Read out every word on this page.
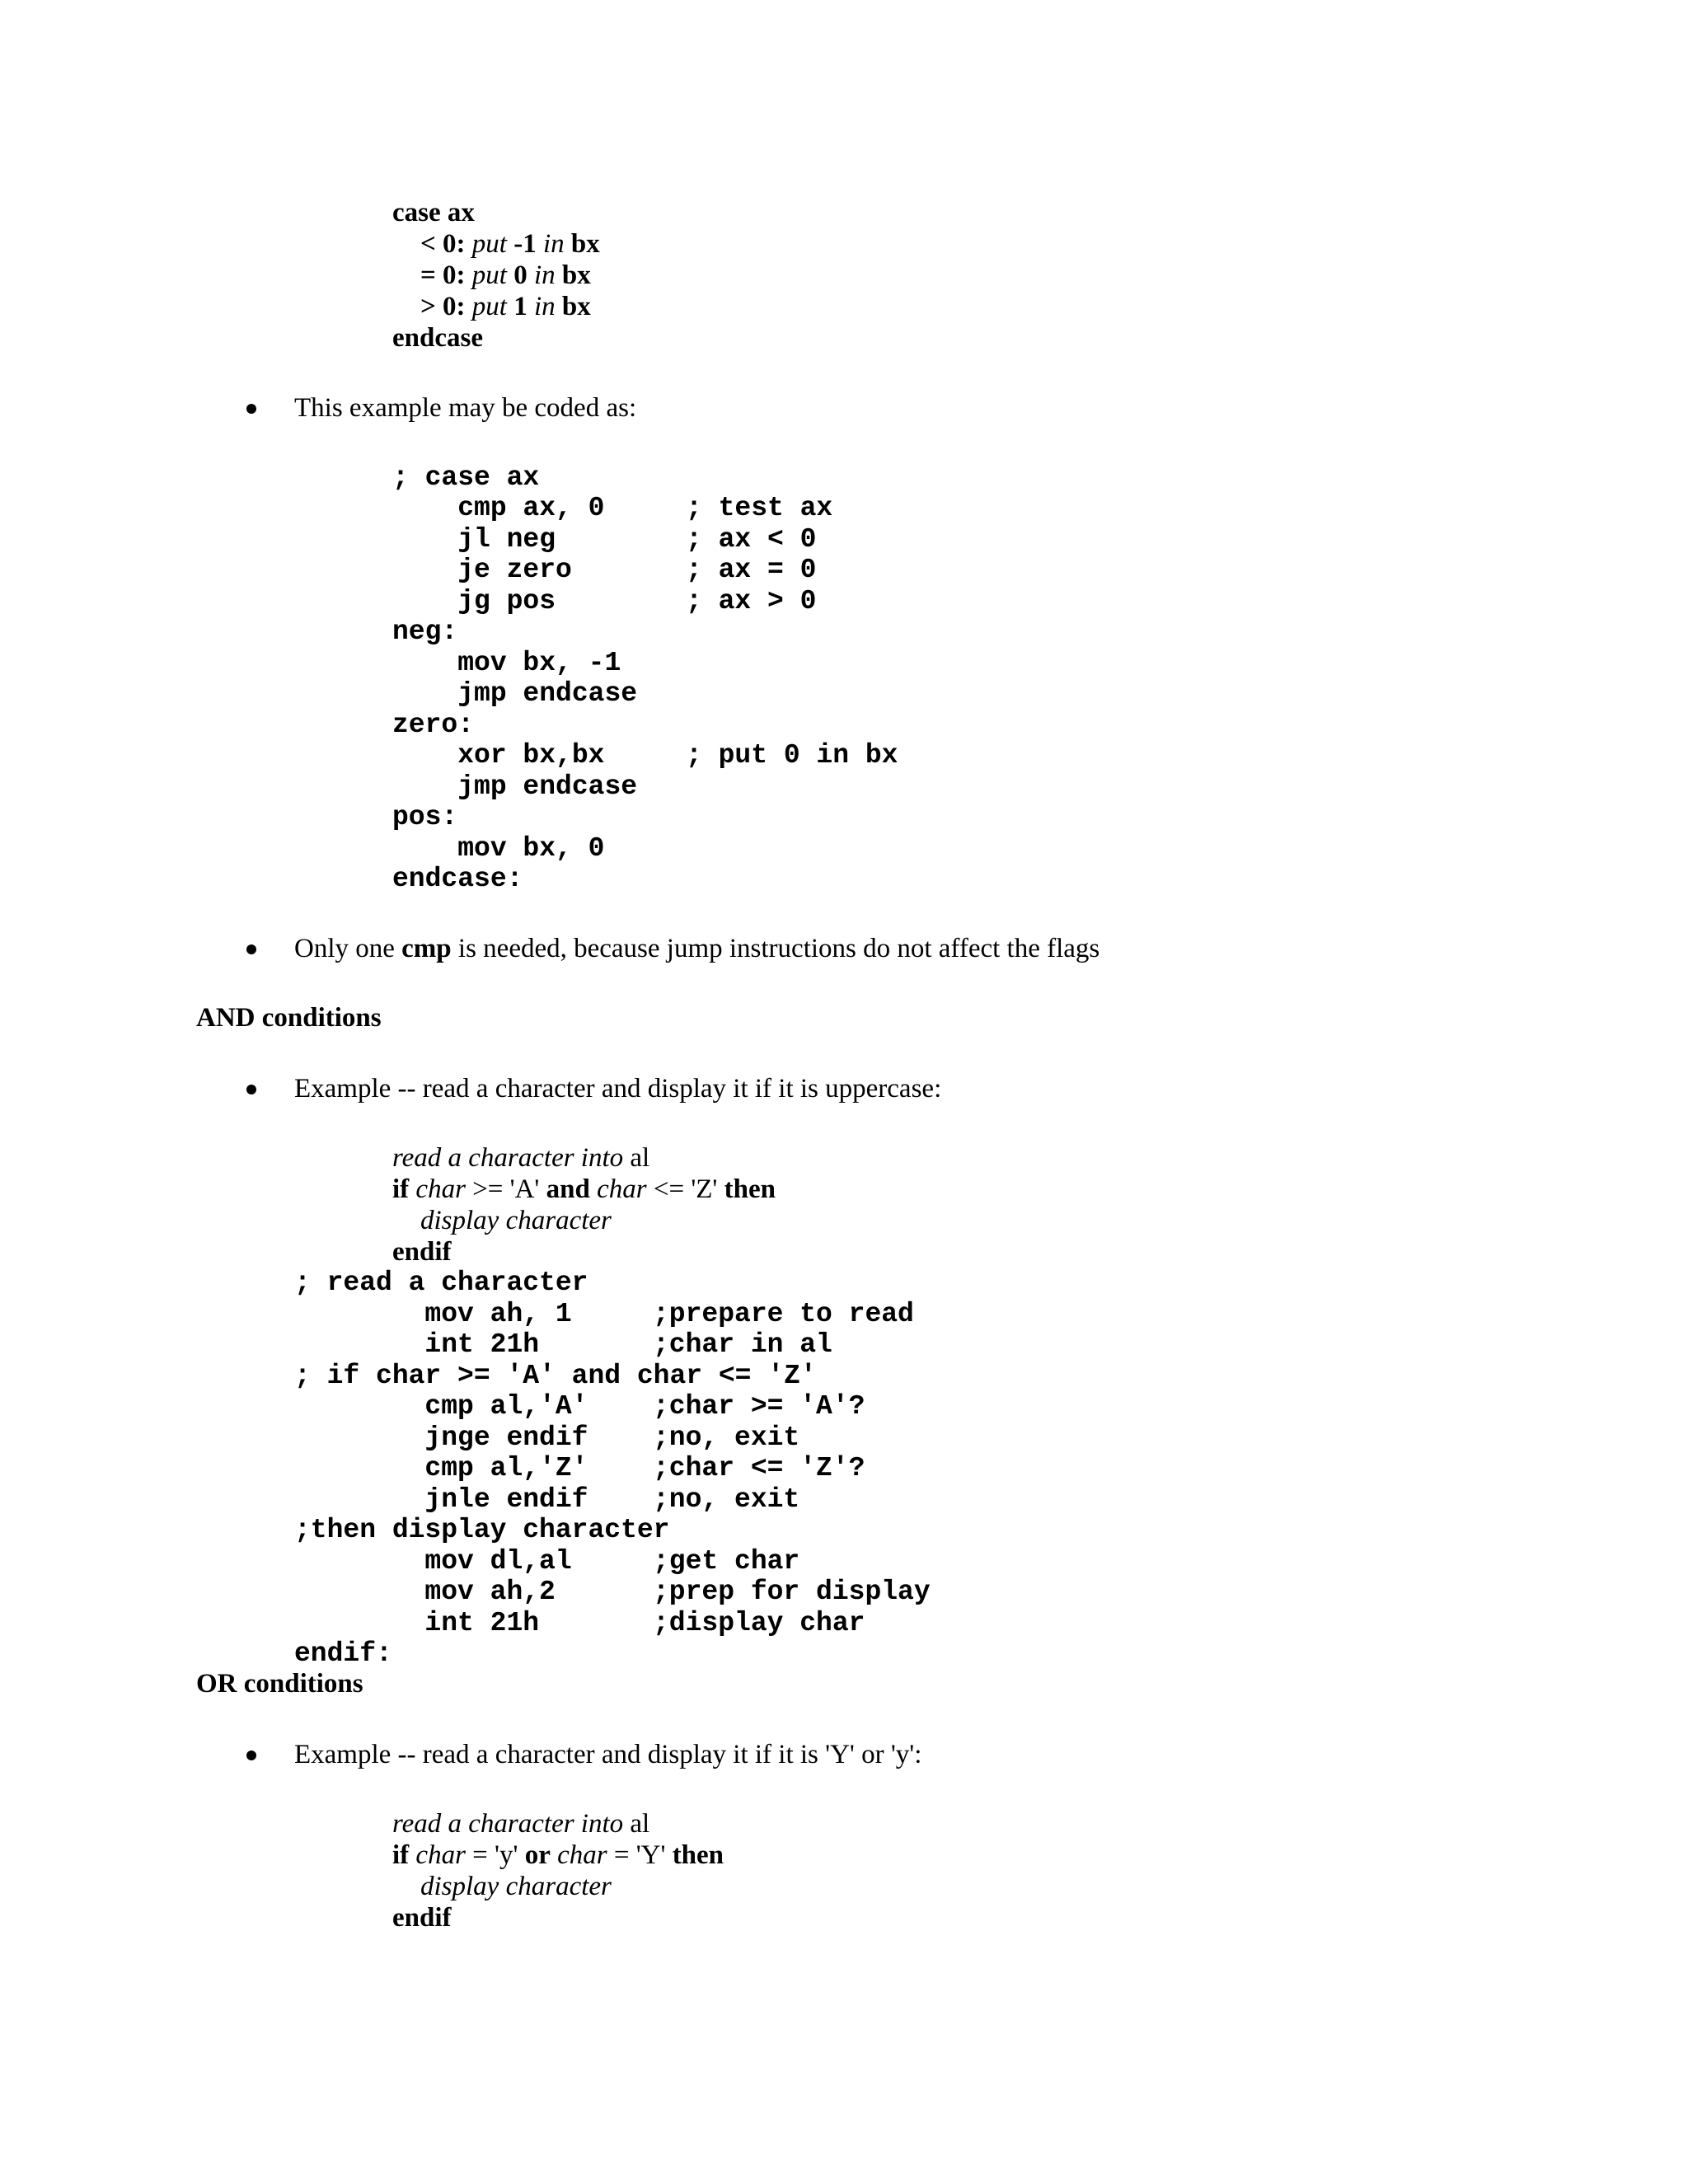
case ax
< 0: put -1 in bx
= 0: put 0 in bx
> 0: put 1 in bx
endcase
This example may be coded as:
; case ax
cmp ax, 0	; test ax
jl neg	; ax < 0
je zero	; ax = 0
jg pos	; ax > 0
neg:
mov bx, -1
jmp endcase
zero:
xor bx,bx	; put 0 in bx
jmp endcase
pos:
mov bx, 0
endcase:
Only one cmp is needed, because jump instructions do not affect the flags
AND conditions
Example -- read a character and display it if it is uppercase:
read a character into al
if char >= 'A' and char <= 'Z' then
display character
endif
; read a character
mov ah, 1	;prepare to read
int 21h	;char in al
; if char >= 'A' and char <= 'Z'
cmp al,'A' ;char >= 'A'?
jnge endif ;no, exit
cmp al,'Z' ;char <= 'Z'?
jnle endif ;no, exit
;then display character
mov dl,al	;get char
mov ah,2	;prep for display
int 21h	;display char
endif:
OR conditions
Example -- read a character and display it if it is 'Y' or 'y':
read a character into al
if char = 'y' or char = 'Y' then
display character
endif
